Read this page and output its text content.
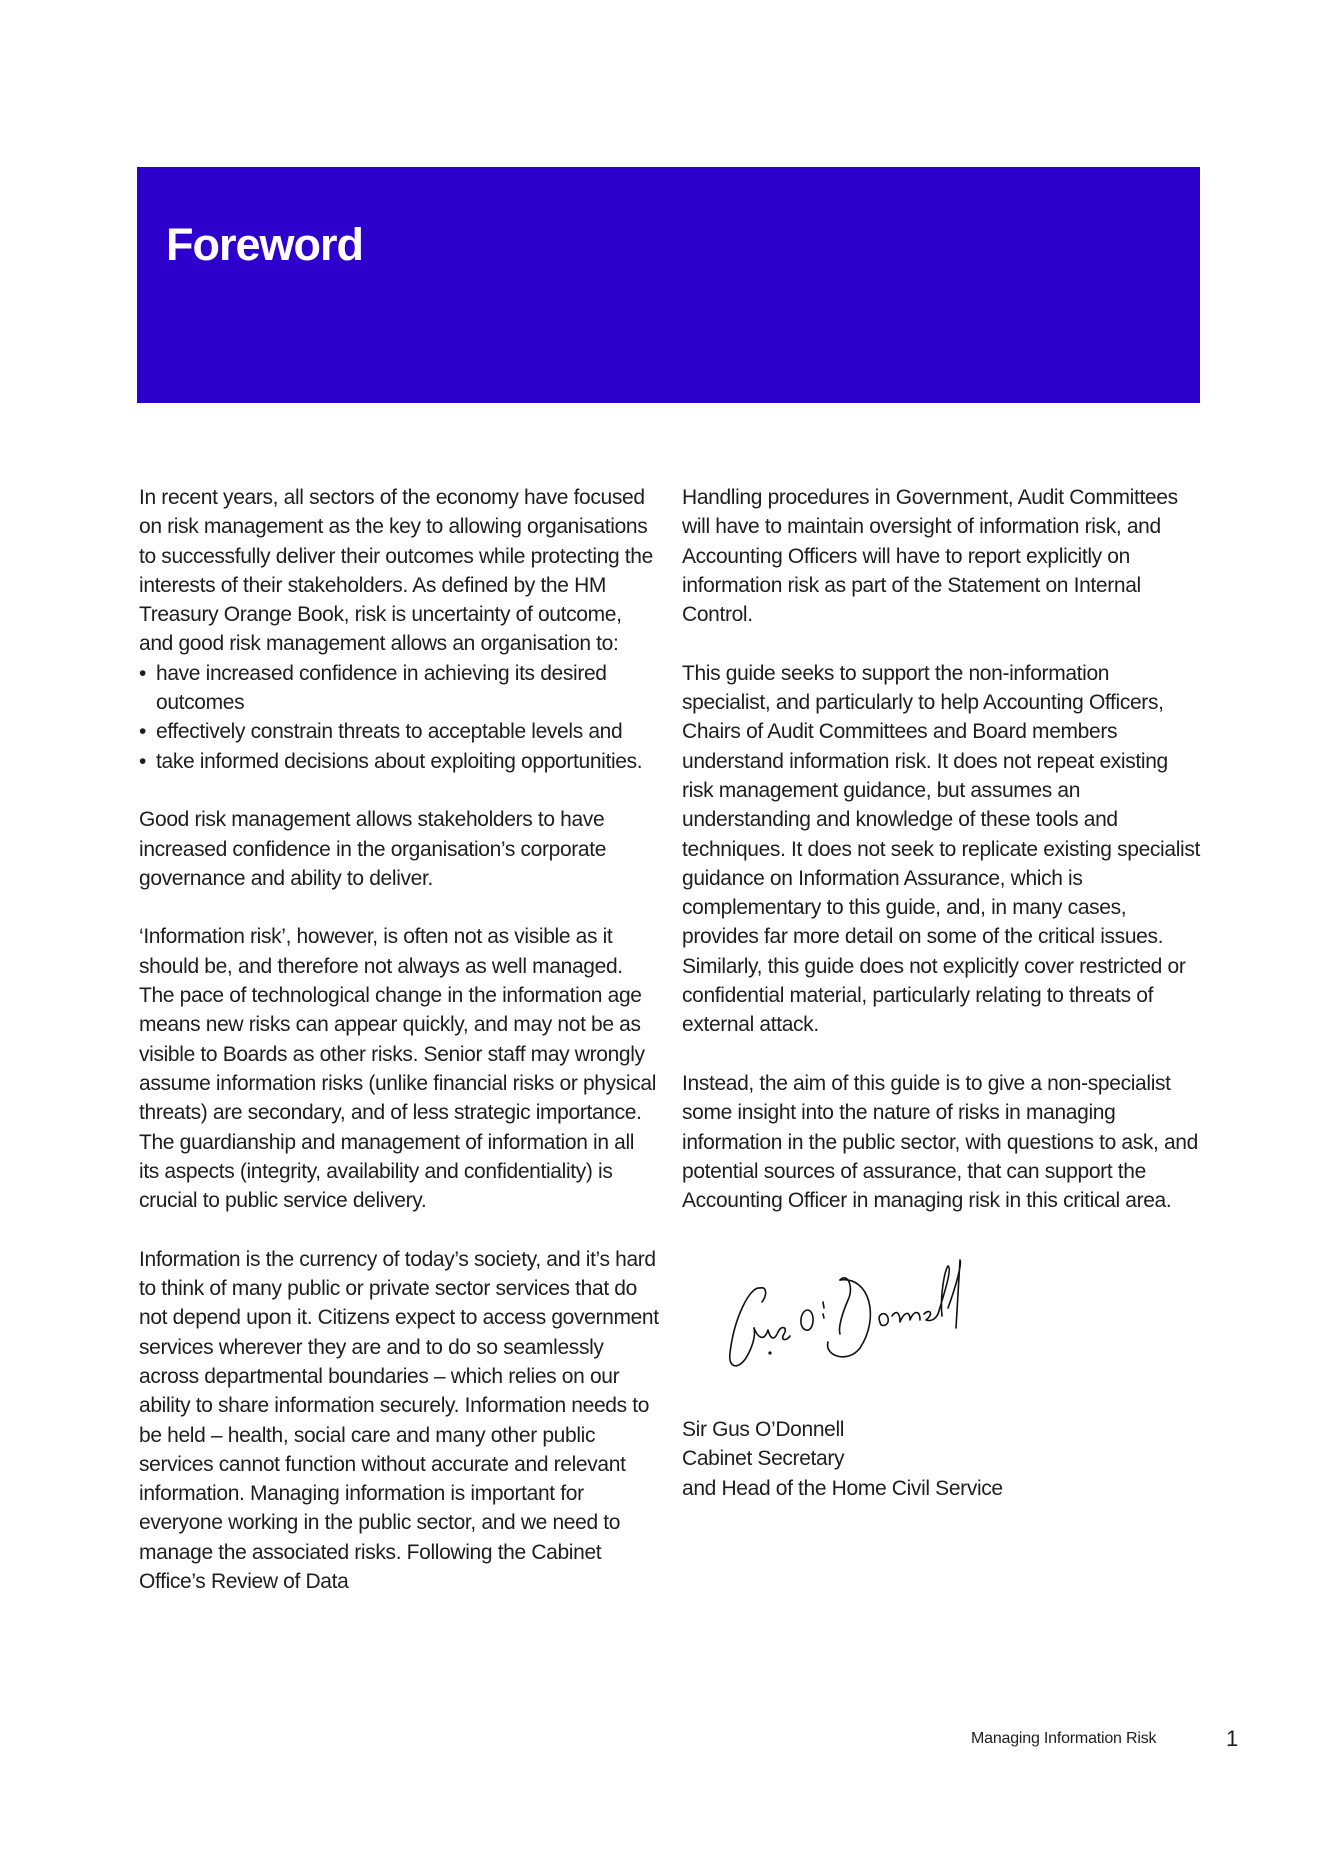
Foreword

In recent years, all sectors of the economy have focused on risk management as the key to allowing organisations to successfully deliver their outcomes while protecting the interests of their stakeholders. As defined by the HM Treasury Orange Book, risk is uncertainty of outcome, and good risk management allows an organisation to:

• have increased confidence in achieving its desired outcomes
• effectively constrain threats to acceptable levels and
• take informed decisions about exploiting opportunities.

Good risk management allows stakeholders to have increased confidence in the organisation’s corporate governance and ability to deliver.

‘Information risk’, however, is often not as visible as it should be, and therefore not always as well managed. The pace of technological change in the information age means new risks can appear quickly, and may not be as visible to Boards as other risks. Senior staff may wrongly assume information risks (unlike financial risks or physical threats) are secondary, and of less strategic importance. The guardianship and management of information in all its aspects (integrity, availability and confidentiality) is crucial to public service delivery.

Information is the currency of today’s society, and it’s hard to think of many public or private sector services that do not depend upon it. Citizens expect to access government services wherever they are and to do so seamlessly across departmental boundaries – which relies on our ability to share information securely. Information needs to be held – health, social care and many other public services cannot function without accurate and relevant information. Managing information is important for everyone working in the public sector, and we need to manage the associated risks. Following the Cabinet Office’s Review of Data

Handling procedures in Government, Audit Committees will have to maintain oversight of information risk, and Accounting Officers will have to report explicitly on information risk as part of the Statement on Internal Control.

This guide seeks to support the non-information specialist, and particularly to help Accounting Officers, Chairs of Audit Committees and Board members understand information risk. It does not repeat existing risk management guidance, but assumes an understanding and knowledge of these tools and techniques. It does not seek to replicate existing specialist guidance on Information Assurance, which is complementary to this guide, and, in many cases, provides far more detail on some of the critical issues. Similarly, this guide does not explicitly cover restricted or confidential material, particularly relating to threats of external attack.

Instead, the aim of this guide is to give a non-specialist some insight into the nature of risks in managing information in the public sector, with questions to ask, and potential sources of assurance, that can support the Accounting Officer in managing risk in this critical area.

Sir Gus O’Donnell
Cabinet Secretary
and Head of the Home Civil Service
Managing Information Risk	1
